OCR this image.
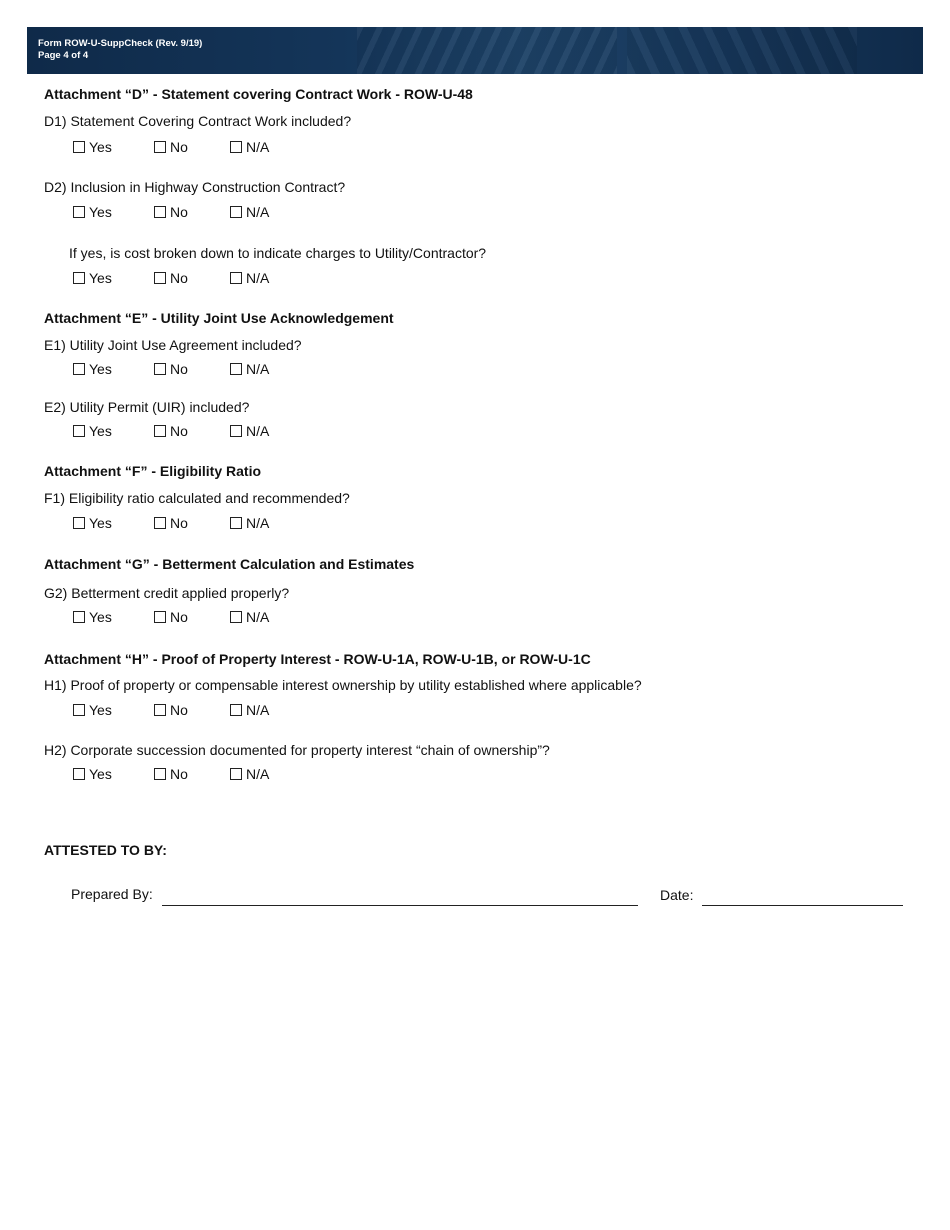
Form ROW-U-SuppCheck (Rev. 9/19)
Page 4 of 4
Attachment “D” - Statement covering Contract Work - ROW-U-48
D1) Statement Covering Contract Work included?
Yes	No	N/A
D2) Inclusion in Highway Construction Contract?
Yes	No	N/A
If yes, is cost broken down to indicate charges to Utility/Contractor?
Yes	No	N/A
Attachment “E” - Utility Joint Use Acknowledgement
E1) Utility Joint Use Agreement included?
Yes	No	N/A
E2) Utility Permit (UIR) included?
Yes	No	N/A
Attachment “F” - Eligibility Ratio
F1) Eligibility ratio calculated and recommended?
Yes	No	N/A
Attachment “G” - Betterment Calculation and Estimates
G2) Betterment credit applied properly?
Yes	No	N/A
Attachment “H” - Proof of Property Interest - ROW-U-1A, ROW-U-1B, or ROW-U-1C
H1) Proof of property or compensable interest ownership by utility established where applicable?
Yes	No	N/A
H2) Corporate succession documented for property interest “chain of ownership”?
Yes	No	N/A
ATTESTED TO BY:
Prepared By:	Date:
